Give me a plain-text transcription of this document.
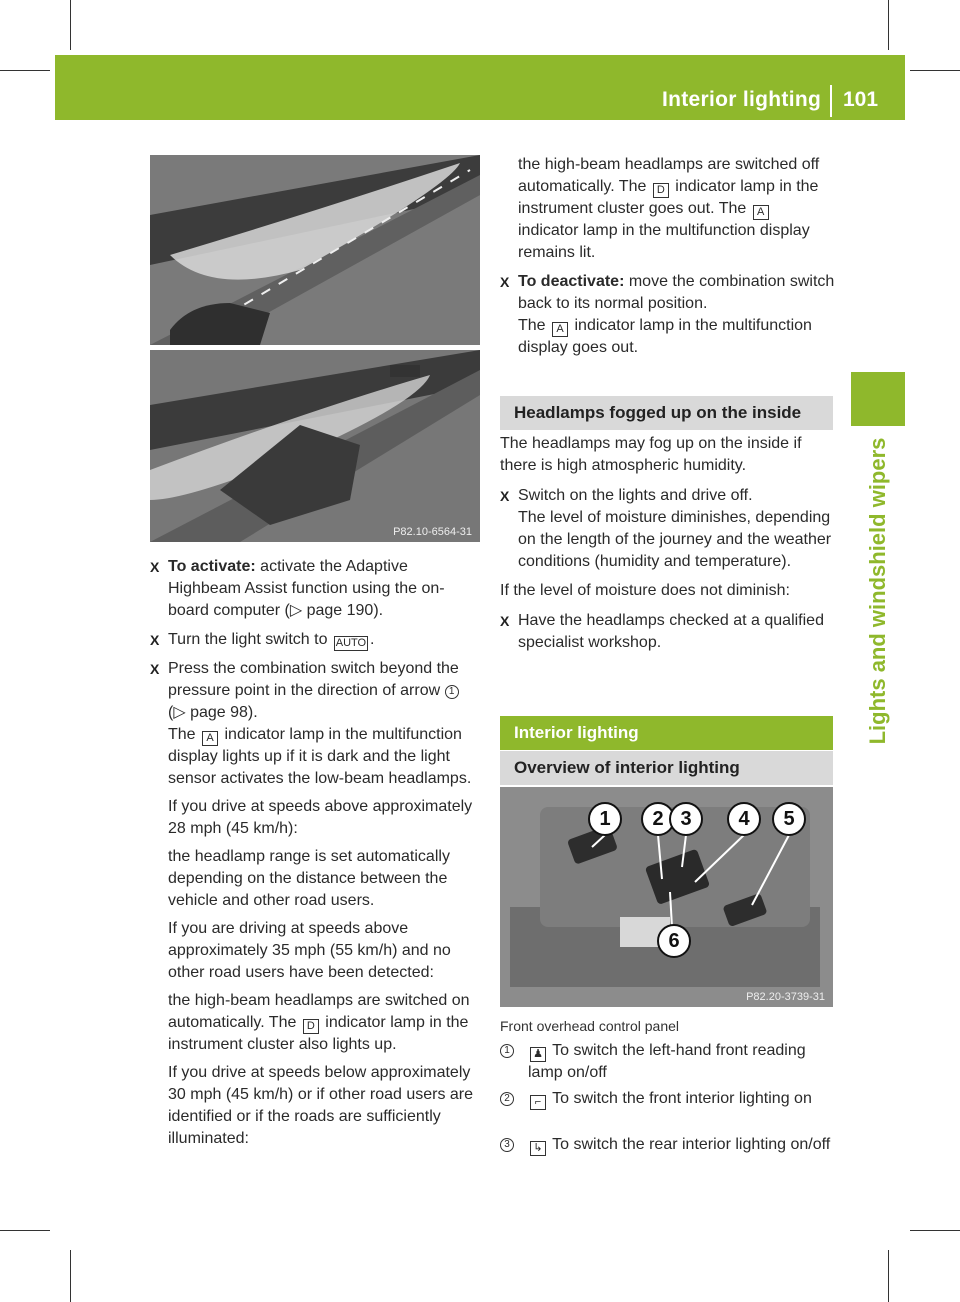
Interior lighting 101
Lights and windshield wipers
P82.10-6564-31
X To activate: activate the Adaptive Highbeam Assist function using the on-board computer (▷ page 190).
X Turn the light switch to AUTO .
X Press the combination switch beyond the pressure point in the direction of arrow 1
(▷ page 98).
The A indicator lamp in the multifunction display lights up if it is dark and the light sensor activates the low-beam headlamps.

If you drive at speeds above approximately 28 mph (45 km/h):

the headlamp range is set automatically depending on the distance between the vehicle and other road users.

If you are driving at speeds above approximately 35 mph (55 km/h) and no other road users have been detected:

the high-beam headlamps are switched on automatically. The D indicator lamp in the instrument cluster also lights up.

If you drive at speeds below approximately 30 mph (45 km/h) or if other road users are identified or if the roads are sufficiently illuminated:

the high-beam headlamps are switched off automatically. The D indicator lamp in the instrument cluster goes out. The A
indicator lamp in the multifunction display remains lit.
X To deactivate: move the combination switch back to its normal position.
The A indicator lamp in the multifunction display goes out.
Headlamps fogged up on the inside

The headlamps may fog up on the inside if there is high atmospheric humidity.

X Switch on the lights and drive off.
The level of moisture diminishes, depending on the length of the journey and the weather conditions (humidity and temperature).

If the level of moisture does not diminish:

X Have the headlamps checked at a qualified specialist workshop.
Interior lighting
Overview of interior lighting
P82.20-3739-31
1	2 3	4	5
6
Front overhead control panel
1	♟ To switch the left-hand front reading lamp on/off
2	⌐ To switch the front interior lighting on
3	↳ To switch the rear interior lighting on/off
